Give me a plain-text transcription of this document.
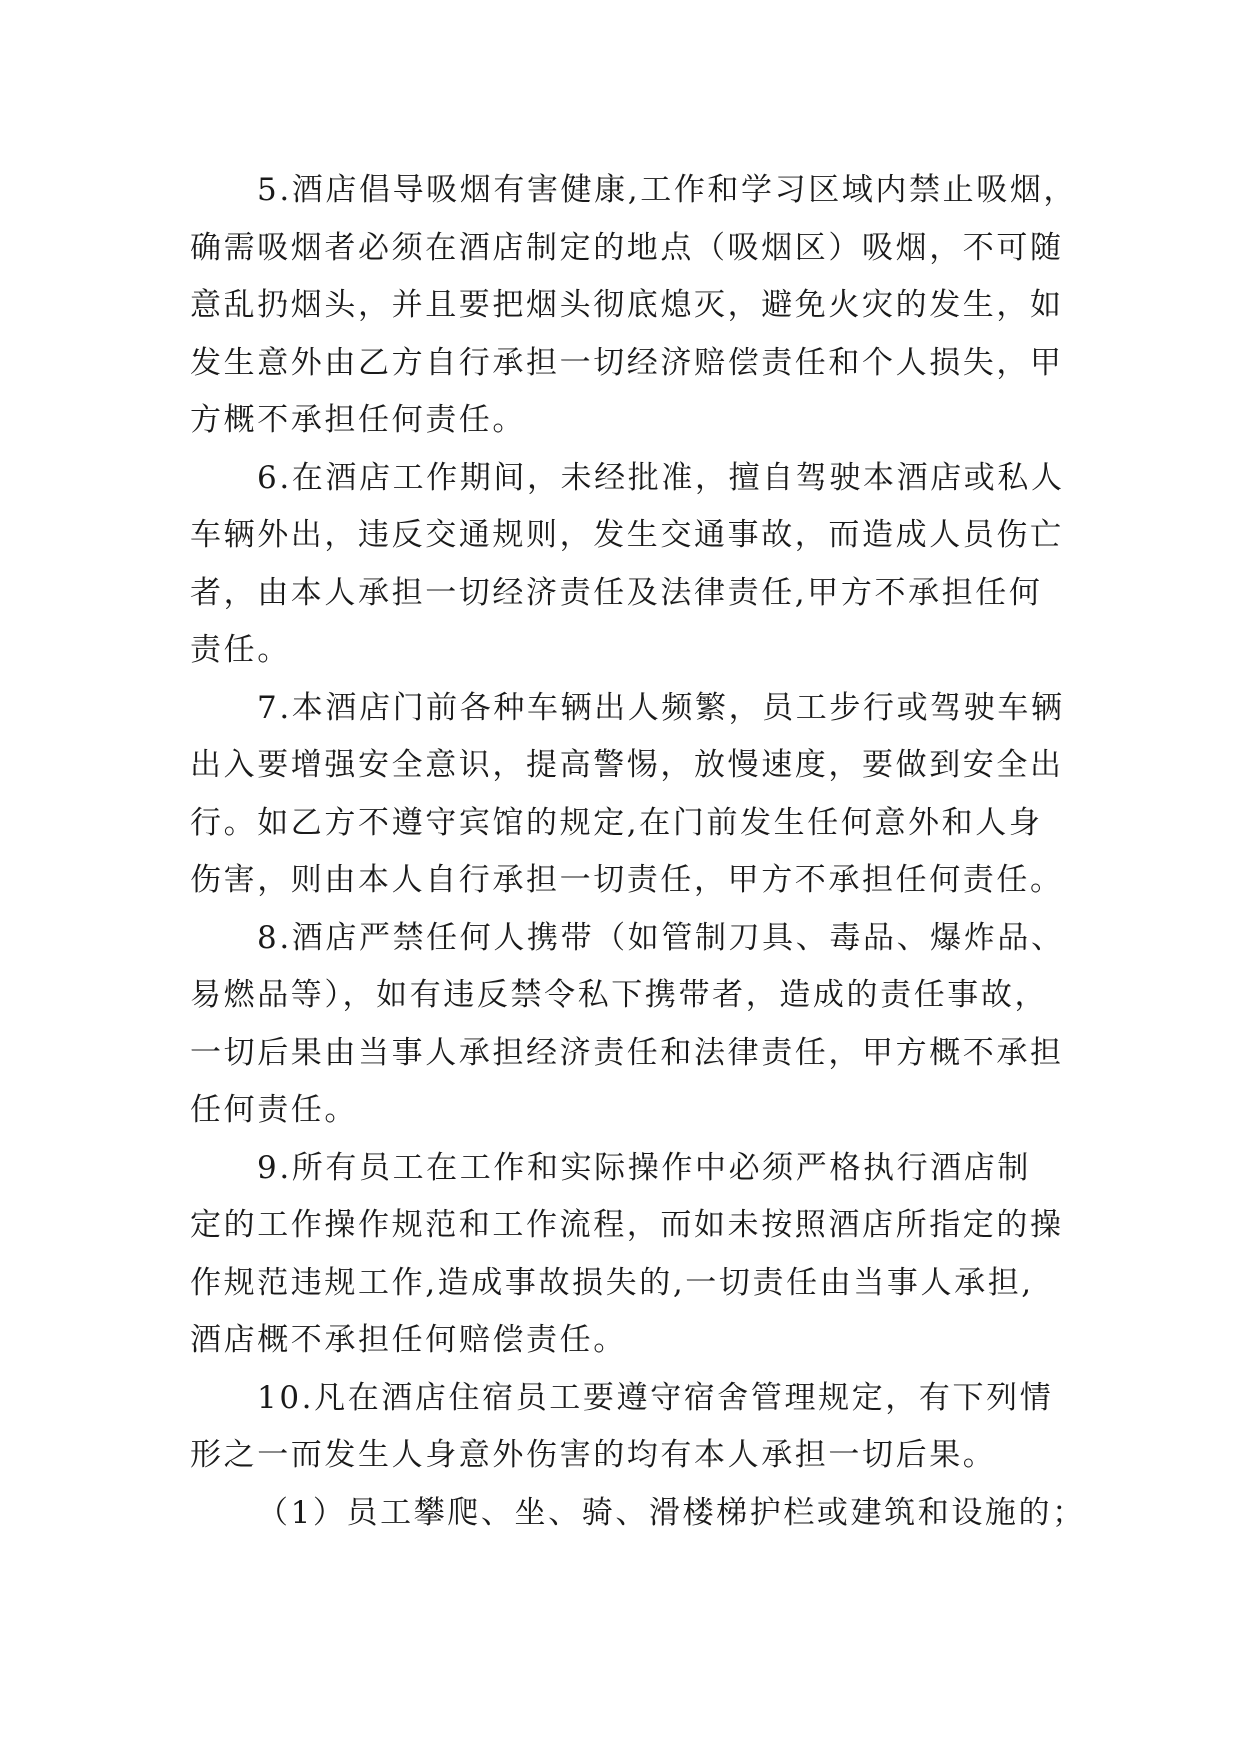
5.酒店倡导吸烟有害健康,工作和学习区域内禁止吸烟，
确需吸烟者必须在酒店制定的地点（吸烟区）吸烟，不可随
意乱扔烟头，并且要把烟头彻底熄灭，避免火灾的发生，如
发生意外由乙方自行承担一切经济赔偿责任和个人损失，甲
方概不承担任何责任。
6.在酒店工作期间，未经批准，擅自驾驶本酒店或私人
车辆外出，违反交通规则，发生交通事故，而造成人员伤亡
者，由本人承担一切经济责任及法律责任,甲方不承担任何
责任。
7.本酒店门前各种车辆出人频繁，员工步行或驾驶车辆
出入要增强安全意识，提高警惕，放慢速度，要做到安全出
行。如乙方不遵守宾馆的规定,在门前发生任何意外和人身
伤害，则由本人自行承担一切责任，甲方不承担任何责任。
8.酒店严禁任何人携带（如管制刀具、毒品、爆炸品、
易燃品等），如有违反禁令私下携带者，造成的责任事故，
一切后果由当事人承担经济责任和法律责任，甲方概不承担
任何责任。
9.所有员工在工作和实际操作中必须严格执行酒店制
定的工作操作规范和工作流程，而如未按照酒店所指定的操
作规范违规工作,造成事故损失的,一切责任由当事人承担,
酒店概不承担任何赔偿责任。
10.凡在酒店住宿员工要遵守宿舍管理规定，有下列情
形之一而发生人身意外伤害的均有本人承担一切后果。
（1）员工攀爬、坐、骑、滑楼梯护栏或建筑和设施的；
